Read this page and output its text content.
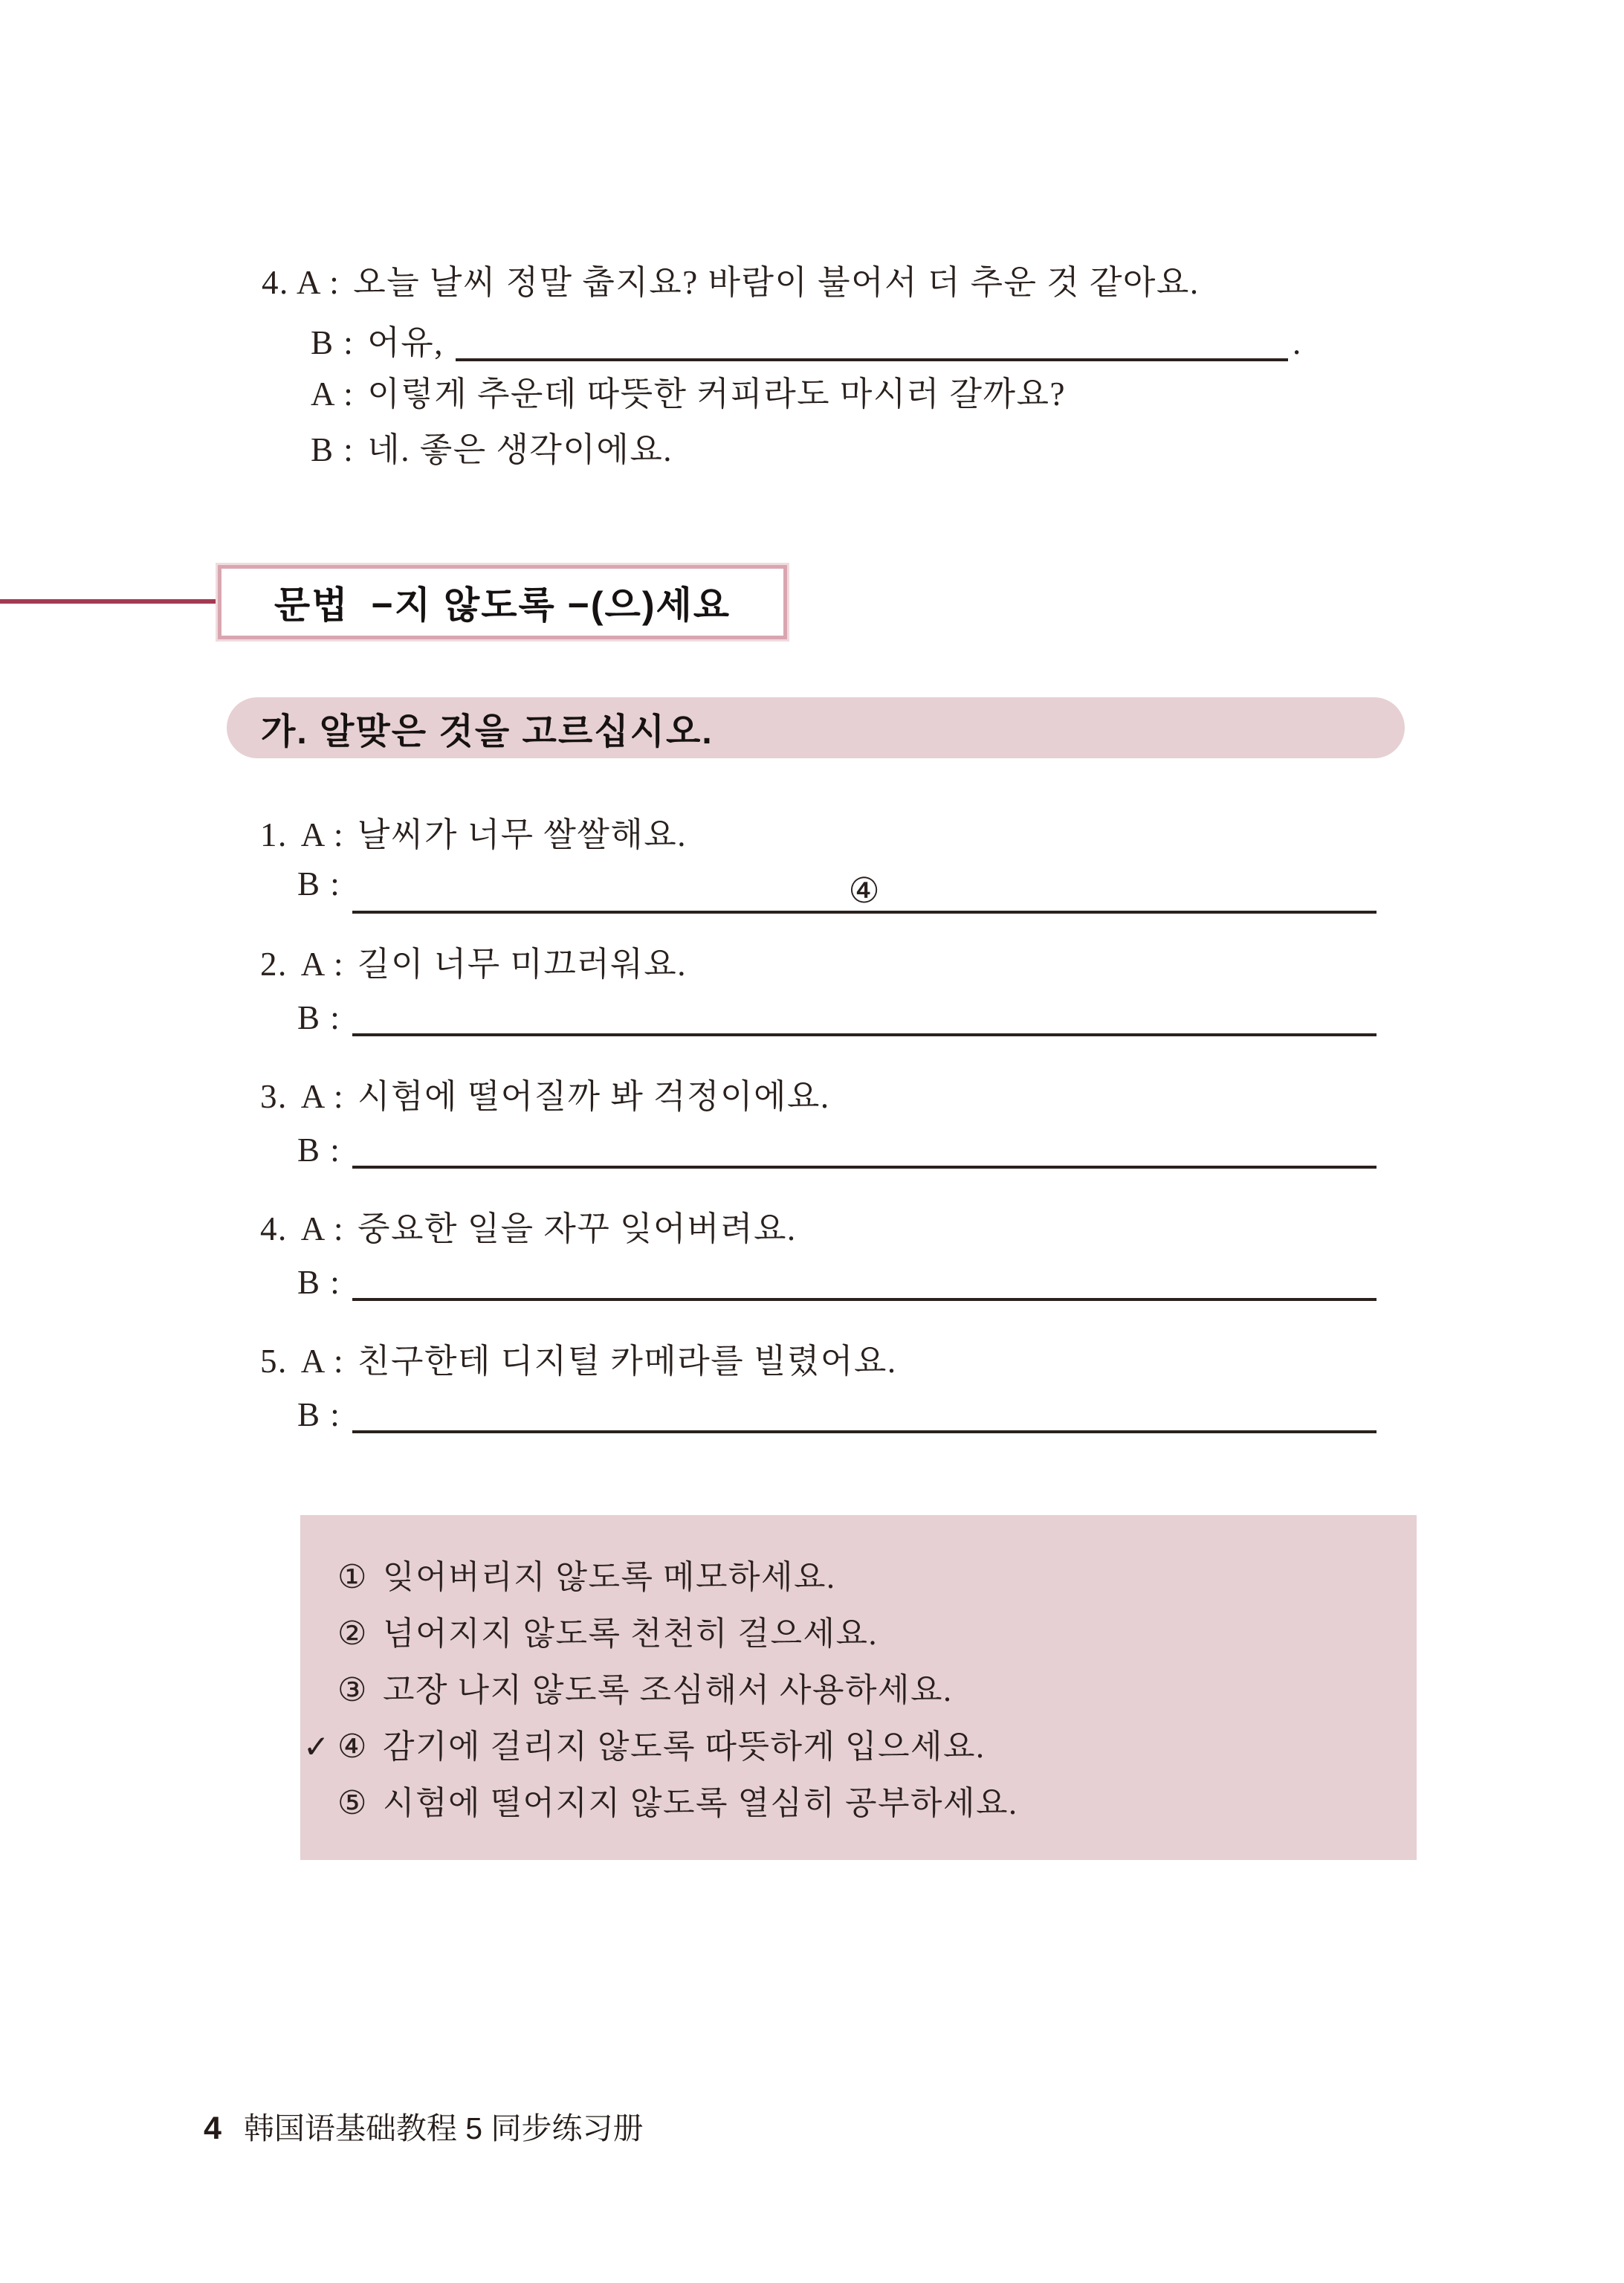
4. A : 오늘 날씨 정말 춥지요? 바람이 불어서 더 추운 것 같아요.
B : 어유,	.
A : 이렇게 추운데 따뜻한 커피라도 마시러 갈까요?
B : 네. 좋은 생각이에요.
문법 −지 않도록 −(으)세요
가. 알맞은 것을 고르십시오.
1. A : 날씨가 너무 쌀쌀해요.
B :	④
2. A : 길이 너무 미끄러워요.
B :
3. A : 시험에 떨어질까 봐 걱정이에요.
B :
4. A : 중요한 일을 자꾸 잊어버려요.
B :
5. A : 친구한테 디지털 카메라를 빌렸어요.
B :
① 잊어버리지 않도록 메모하세요.
② 넘어지지 않도록 천천히 걸으세요.
③ 고장 나지 않도록 조심해서 사용하세요.
✓ ④ 감기에 걸리지 않도록 따뜻하게 입으세요.
⑤ 시험에 떨어지지 않도록 열심히 공부하세요.
4 韩国语基础教程 5 同步练习册
